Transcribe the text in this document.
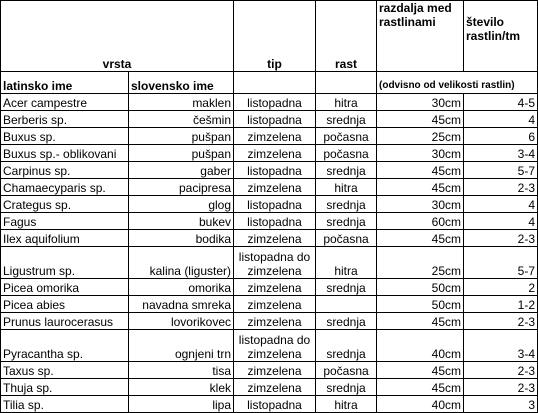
vrsta		tip	rast	razdalja med rastlinami	število rastlin/tm
latinsko ime	slovensko ime			(odvisno od velikosti rastlin)	
Acer campestre	maklen	listopadna	hitra	30cm	4-5
Berberis sp.	češmin	listopadna	srednja	45cm	4
Buxus sp.	pušpan	zimzelena	počasna	25cm	6
Buxus sp.- oblikovani	pušpan	zimzelena	počasna	30cm	3-4
Carpinus sp.	gaber	listopadna	srednja	45cm	5-7
Chamaecyparis sp.	pacipresa	zimzelena	hitra	45cm	2-3
Crategus sp.	glog	listopadna	srednja	30cm	4
Fagus	bukev	listopadna	srednja	60cm	4
Ilex aquifolium	bodika	zimzelena	počasna	45cm	2-3
Ligustrum sp.	kalina (liguster)	listopadna do zimzelena	hitra	25cm	5-7
Picea omorika	omorika	zimzelena	srednja	50cm	2
Picea abies	navadna smreka	zimzelena		50cm	1-2
Prunus laurocerasus	lovorikovec	zimzelena	srednja	45cm	2-3
Pyracantha sp.	ognjeni trn	listopadna do zimzelena	srednja	40cm	3-4
Taxus sp.	tisa	zimzelena	počasna	45cm	2-3
Thuja sp.	klek	zimzelena	srednja	45cm	2-3
Tilia sp.	lipa	listopadna	hitra	40cm	3
